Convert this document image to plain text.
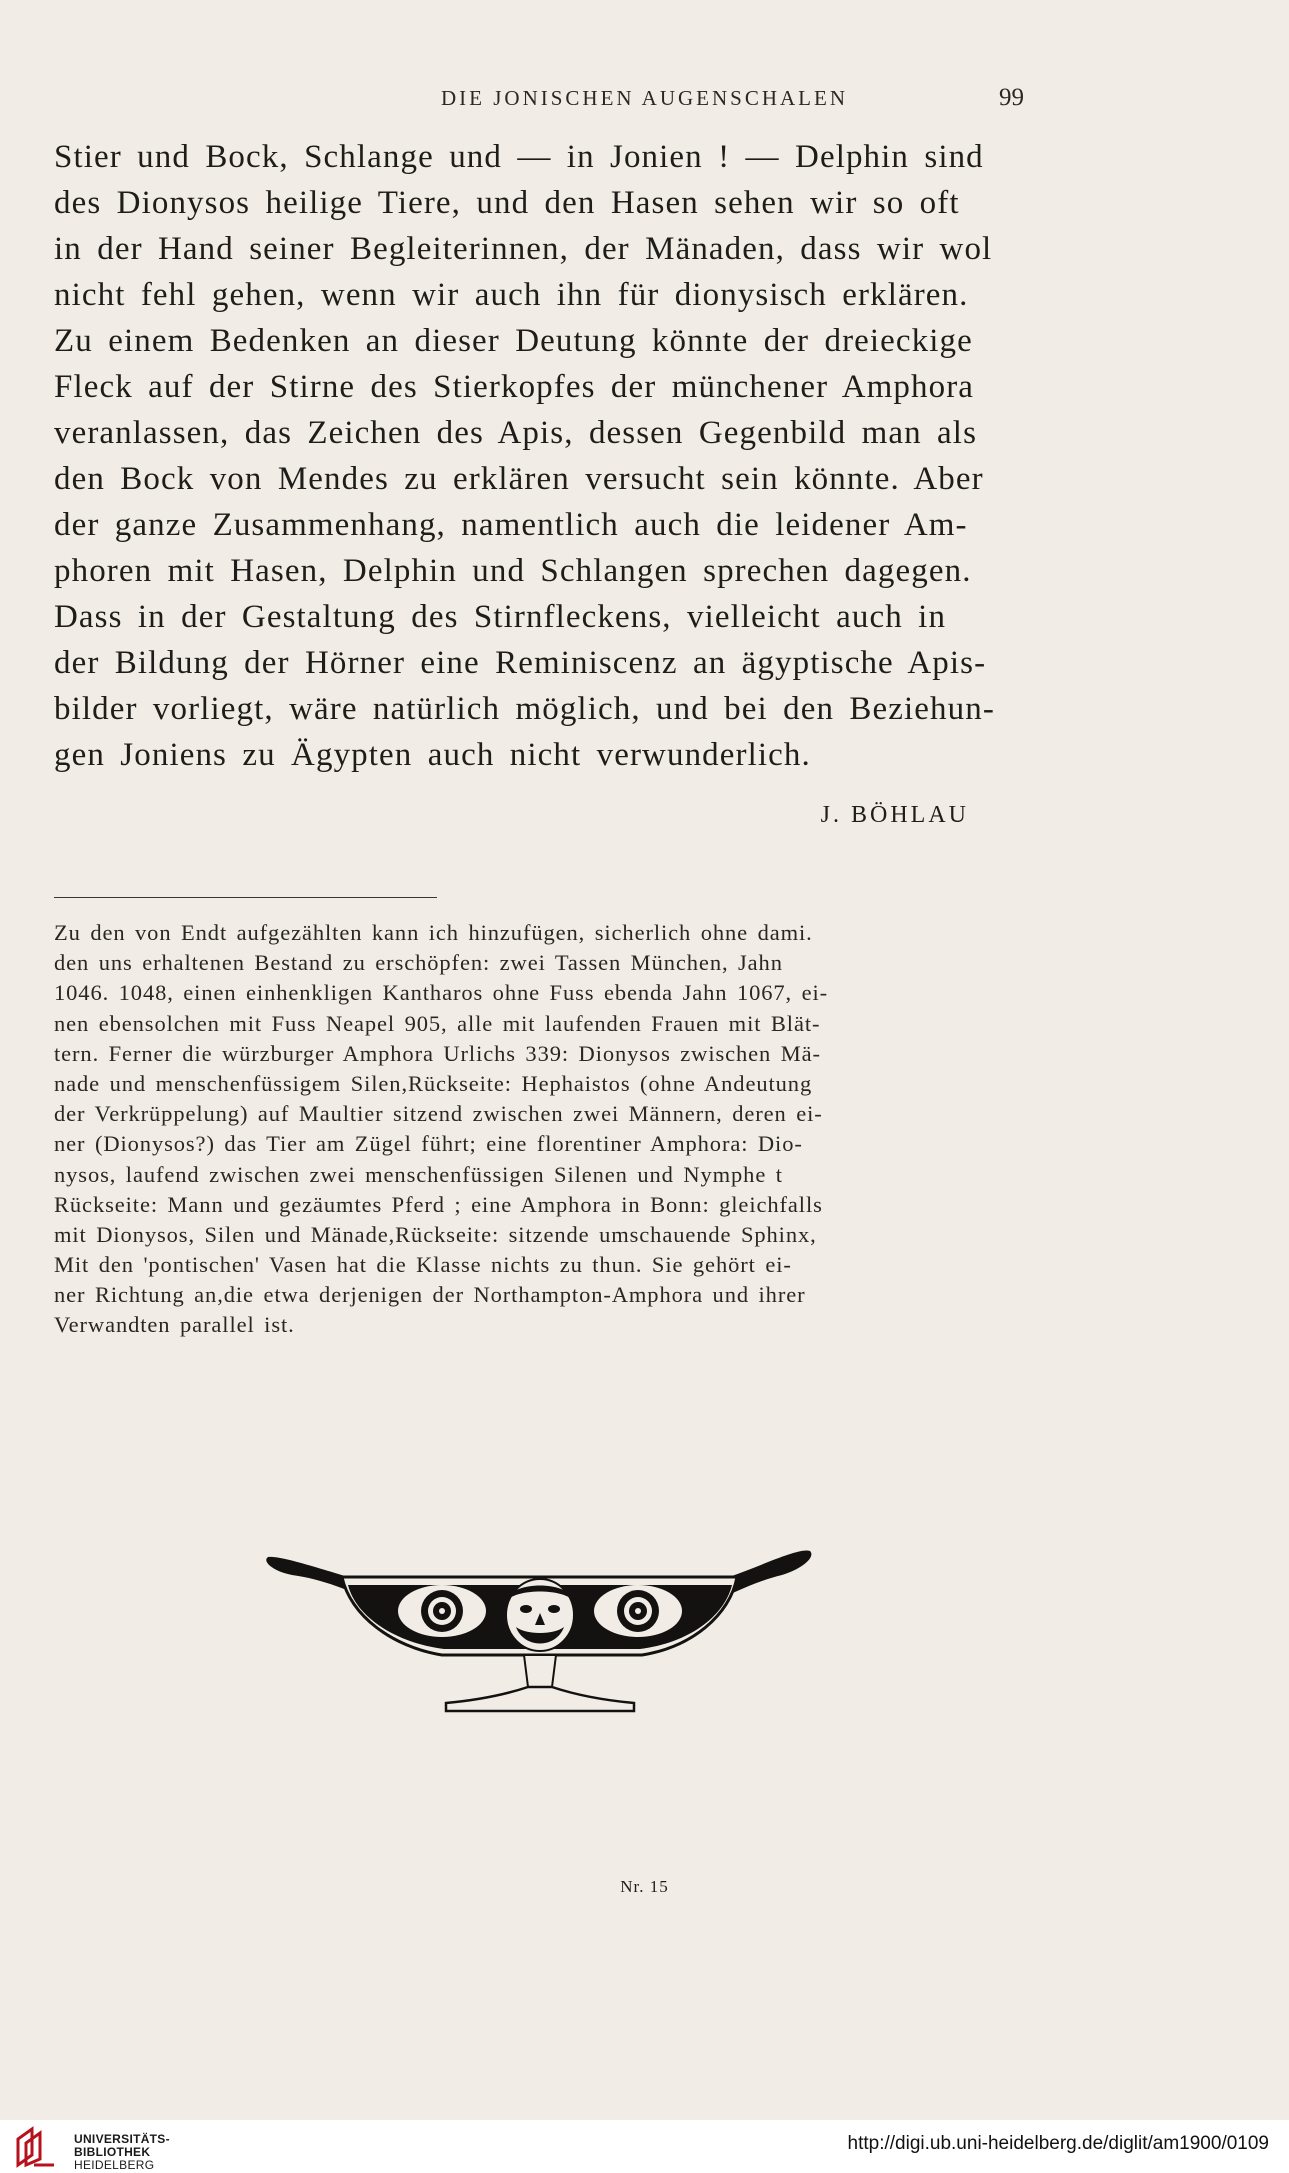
DIE JONISCHEN AUGENSCHALEN	99
Stier und Bock, Schlange und — in Jonien ! — Delphin sind
des Dionysos heilige Tiere, und den Hasen sehen wir so oft
in der Hand seiner Begleiterinnen, der Mänaden, dass wir wol
nicht fehl gehen, wenn wir auch ihn für dionysisch erklären.
Zu einem Bedenken an dieser Deutung könnte der dreieckige
Fleck auf der Stirne des Stierkopfes der münchener Amphora
veranlassen, das Zeichen des Apis, dessen Gegenbild man als
den Bock von Mendes zu erklären versucht sein könnte. Aber
der ganze Zusammenhang, namentlich auch die leidener Am-
phoren mit Hasen, Delphin und Schlangen sprechen dagegen.
Dass in der Gestaltung des Stirnfleckens, vielleicht auch in
der Bildung der Hörner eine Reminiscenz an ägyptische Apis-
bilder vorliegt, wäre natürlich möglich, und bei den Beziehun-
gen Joniens zu Ägypten auch nicht verwunderlich.
J. BÖHLAU
Zu den von Endt aufgezählten kann ich hinzufügen, sicherlich ohne dami.
den uns erhaltenen Bestand zu erschöpfen: zwei Tassen München, Jahn
1046. 1048, einen einhenkligen Kantharos ohne Fuss ebenda Jahn 1067, ei-
nen ebensolchen mit Fuss Neapel 905, alle mit laufenden Frauen mit Blät-
tern. Ferner die würzburger Amphora Urlichs 339: Dionysos zwischen Mä-
nade und menschenfüssigem Silen,Rückseite: Hephaistos (ohne Andeutung
der Verkrüppelung) auf Maultier sitzend zwischen zwei Männern, deren ei-
ner (Dionysos?) das Tier am Zügel führt; eine florentiner Amphora: Dio-
nysos, laufend zwischen zwei menschenfüssigen Silenen und Nymphe t
Rückseite: Mann und gezäumtes Pferd ; eine Amphora in Bonn: gleichfalls
mit Dionysos, Silen und Mänade,Rückseite: sitzende umschauende Sphinx,
Mit den 'pontischen' Vasen hat die Klasse nichts zu thun. Sie gehört ei-
ner Richtung an,die etwa derjenigen der Northampton-Amphora und ihrer
Verwandten parallel ist.
Nr. 15
UNIVERSITÄTS-
BIBLIOTHEK
HEIDELBERG
http://digi.ub.uni-heidelberg.de/diglit/am1900/0109
